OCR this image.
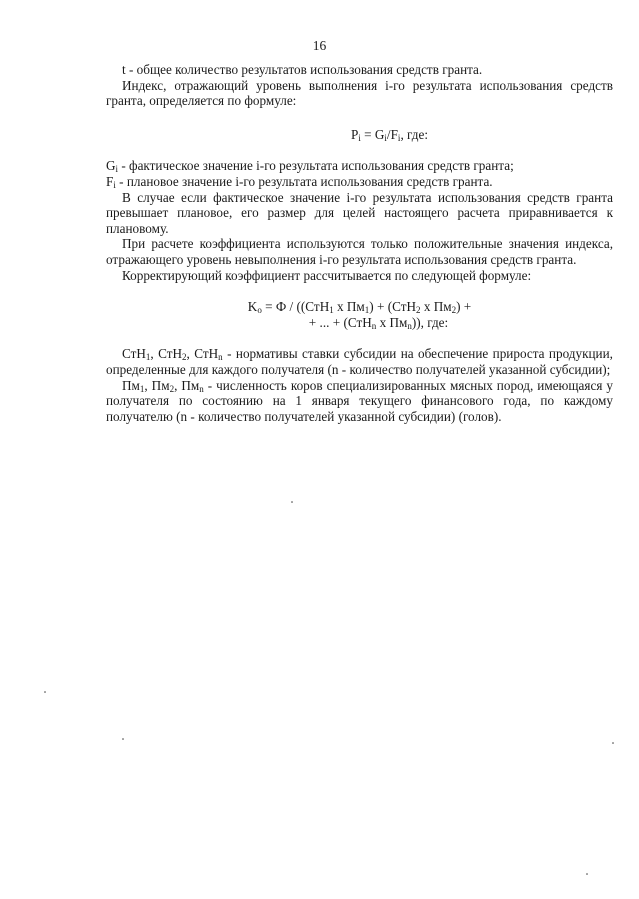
16

t - общее количество результатов использования средств гранта.

Индекс, отражающий уровень выполнения i-го результата использования средств гранта, определяется по формуле:

$P_i = G_i/F_i$, где:

$G_i$ - фактическое значение i-го результата использования средств гранта;

$F_i$ - плановое значение i-го результата использования средств гранта.

В случае если фактическое значение i-го результата использования средств гранта превышает плановое, его размер для целей настоящего расчета приравнивается к плановому.

При расчете коэффициента используются только положительные значения индекса, отражающего уровень невыполнения i-го результата использования средств гранта.

Корректирующий коэффициент рассчитывается по следующей формуле:

$K_о = Ф / ((СтН_1$ x $Пм_1) + (СтН_2$ x $Пм_2$) +
+ ... + (СтН$_n$ x $Пм_n$)), где:

СтН$_1$, СтН$_2$, СтН$_n$ - нормативы ставки субсидии на обеспечение прироста продукции, определенные для каждого получателя (n - количество получателей указанной субсидии);

$Пм_1$, $Пм_2$, $Пм_n$ - численность коров специализированных мясных пород, имеющаяся у получателя по состоянию на 1 января текущего финансового года, по каждому получателю (n - количество получателей указанной субсидии) (голов).
